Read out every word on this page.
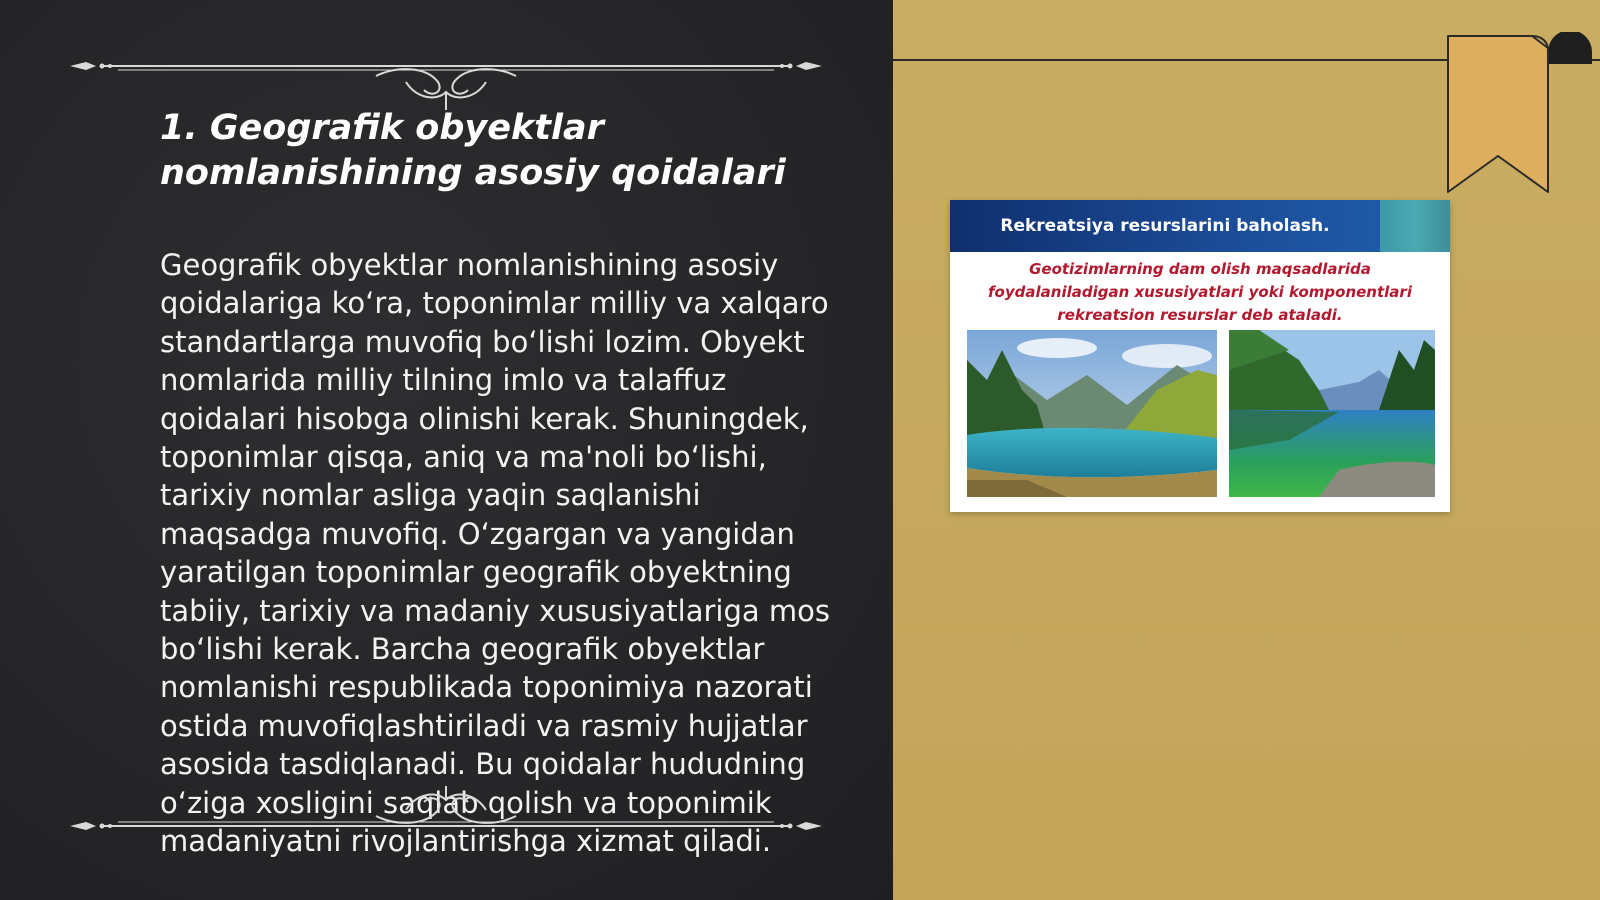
1. Geografik obyektlar nomlanishining asosiy qoidalari

Geografik obyektlar nomlanishining asosiy qoidalariga koʻra, toponimlar milliy va xalqaro standartlarga muvofiq boʻlishi lozim. Obyekt nomlarida milliy tilning imlo va talaffuz qoidalari hisobga olinishi kerak. Shuningdek, toponimlar qisqa, aniq va ma'noli boʻlishi, tarixiy nomlar asliga yaqin saqlanishi maqsadga muvofiq. Oʻzgargan va yangidan yaratilgan toponimlar geografik obyektning tabiiy, tarixiy va madaniy xususiyatlariga mos boʻlishi kerak. Barcha geografik obyektlar nomlanishi respublikada toponimiya nazorati ostida muvofiqlashtiriladi va rasmiy hujjatlar asosida tasdiqlanadi. Bu qoidalar hududning oʻziga xosligini saqlab qolish va toponimik madaniyatni rivojlantirishga xizmat qiladi.

Rekreatsiya resurslarini baholash.

Geotizimlarning dam olish maqsadlarida foydalaniladigan xususiyatlari yoki komponentlari rekreatsion resurslar deb ataladi.
